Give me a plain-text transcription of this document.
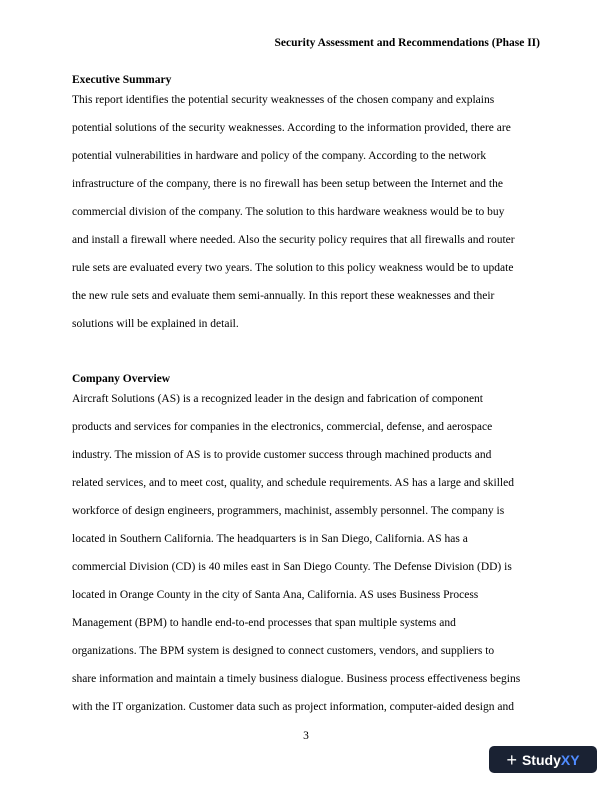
Security Assessment and Recommendations (Phase II)

Executive Summary

This report identifies the potential security weaknesses of the chosen company and explains
potential solutions of the security weaknesses. According to the information provided, there are
potential vulnerabilities in hardware and policy of the company. According to the network
infrastructure of the company, there is no firewall has been setup between the Internet and the
commercial division of the company. The solution to this hardware weakness would be to buy
and install a firewall where needed. Also the security policy requires that all firewalls and router
rule sets are evaluated every two years. The solution to this policy weakness would be to update
the new rule sets and evaluate them semi-annually. In this report these weaknesses and their
solutions will be explained in detail.

Company Overview

Aircraft Solutions (AS) is a recognized leader in the design and fabrication of component
products and services for companies in the electronics, commercial, defense, and aerospace
industry. The mission of AS is to provide customer success through machined products and
related services, and to meet cost, quality, and schedule requirements. AS has a large and skilled
workforce of design engineers, programmers, machinist, assembly personnel. The company is
located in Southern California. The headquarters is in San Diego, California. AS has a
commercial Division (CD) is 40 miles east in San Diego County. The Defense Division (DD) is
located in Orange County in the city of Santa Ana, California. AS uses Business Process
Management (BPM) to handle end-to-end processes that span multiple systems and
organizations. The BPM system is designed to connect customers, vendors, and suppliers to
share information and maintain a timely business dialogue. Business process effectiveness begins
with the IT organization. Customer data such as project information, computer-aided design and

3
+ StudyXY
